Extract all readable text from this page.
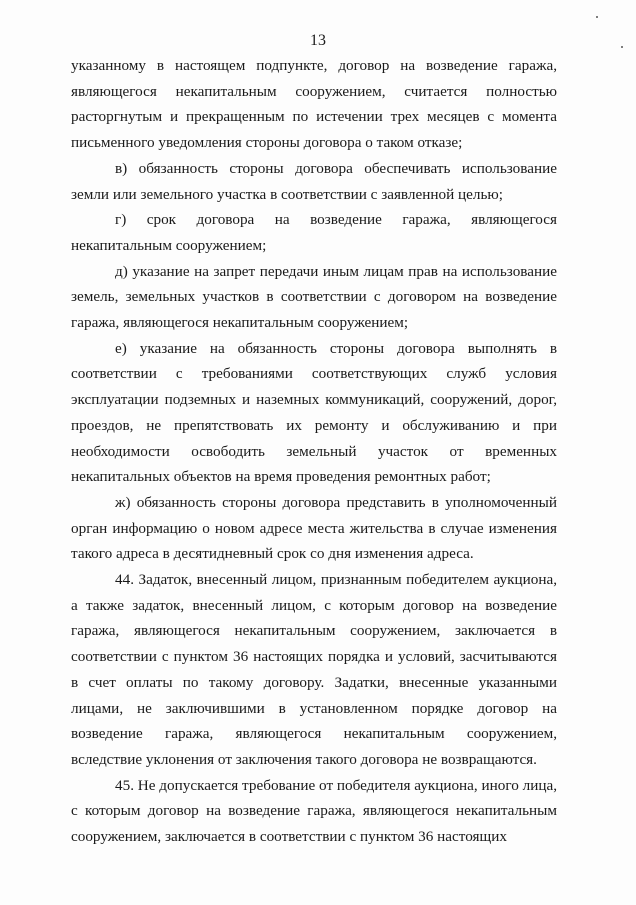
13

указанному в настоящем подпункте, договор на возведение гаража, являющегося некапитальным сооружением, считается полностью расторгнутым и прекращенным по истечении трех месяцев с момента письменного уведомления стороны договора о таком отказе;

в) обязанность стороны договора обеспечивать использование земли или земельного участка в соответствии с заявленной целью;

г) срок договора на возведение гаража, являющегося некапитальным сооружением;

д) указание на запрет передачи иным лицам прав на использование земель, земельных участков в соответствии с договором на возведение гаража, являющегося некапитальным сооружением;

е) указание на обязанность стороны договора выполнять в соответствии с требованиями соответствующих служб условия эксплуатации подземных и наземных коммуникаций, сооружений, дорог, проездов, не препятствовать их ремонту и обслуживанию и при необходимости освободить земельный участок от временных некапитальных объектов на время проведения ремонтных работ;

ж) обязанность стороны договора представить в уполномоченный орган информацию о новом адресе места жительства в случае изменения такого адреса в десятидневный срок со дня изменения адреса.

44. Задаток, внесенный лицом, признанным победителем аукциона, а также задаток, внесенный лицом, с которым договор на возведение гаража, являющегося некапитальным сооружением, заключается в соответствии с пунктом 36 настоящих порядка и условий, засчитываются в счет оплаты по такому договору. Задатки, внесенные указанными лицами, не заключившими в установленном порядке договор на возведение гаража, являющегося некапитальным сооружением, вследствие уклонения от заключения такого договора не возвращаются.

45. Не допускается требование от победителя аукциона, иного лица, с которым договор на возведение гаража, являющегося некапитальным сооружением, заключается в соответствии с пунктом 36 настоящих
